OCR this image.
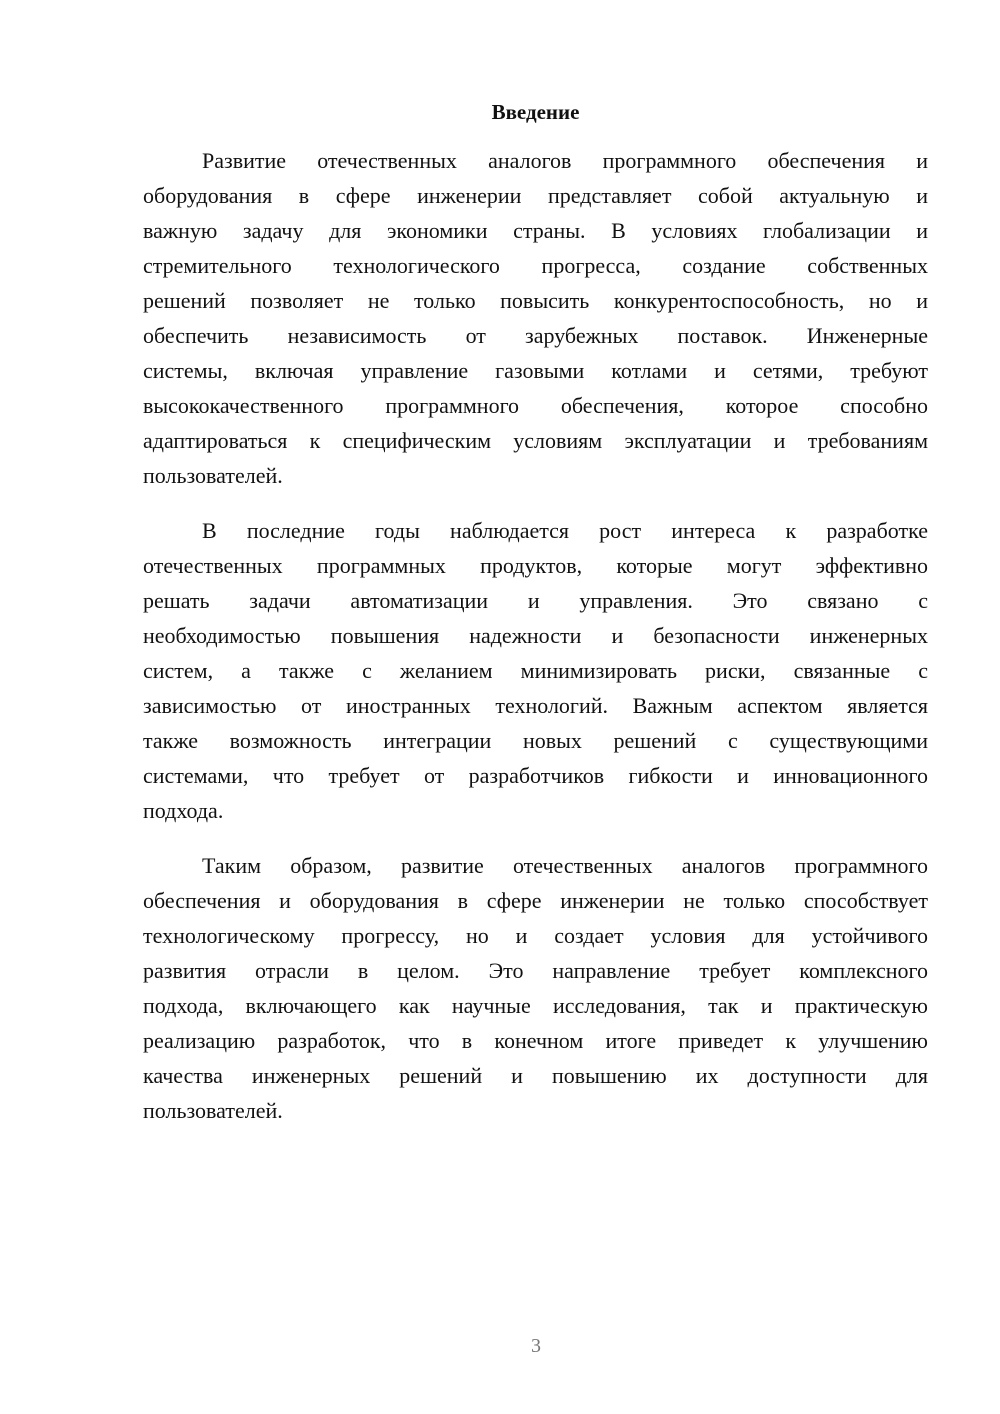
Введение
Развитие отечественных аналогов программного обеспечения и
оборудования в сфере инженерии представляет собой актуальную и
важную задачу для экономики страны. В условиях глобализации и
стремительного технологического прогресса, создание собственных
решений позволяет не только повысить конкурентоспособность, но и
обеспечить независимость от зарубежных поставок. Инженерные
системы, включая управление газовыми котлами и сетями, требуют
высококачественного программного обеспечения, которое способно
адаптироваться к специфическим условиям эксплуатации и требованиям
пользователей.
В последние годы наблюдается рост интереса к разработке
отечественных программных продуктов, которые могут эффективно
решать задачи автоматизации и управления. Это связано с
необходимостью повышения надежности и безопасности инженерных
систем, а также с желанием минимизировать риски, связанные с
зависимостью от иностранных технологий. Важным аспектом является
также возможность интеграции новых решений с существующими
системами, что требует от разработчиков гибкости и инновационного
подхода.
Таким образом, развитие отечественных аналогов программного
обеспечения и оборудования в сфере инженерии не только способствует
технологическому прогрессу, но и создает условия для устойчивого
развития отрасли в целом. Это направление требует комплексного
подхода, включающего как научные исследования, так и практическую
реализацию разработок, что в конечном итоге приведет к улучшению
качества инженерных решений и повышению их доступности для
пользователей.
3
